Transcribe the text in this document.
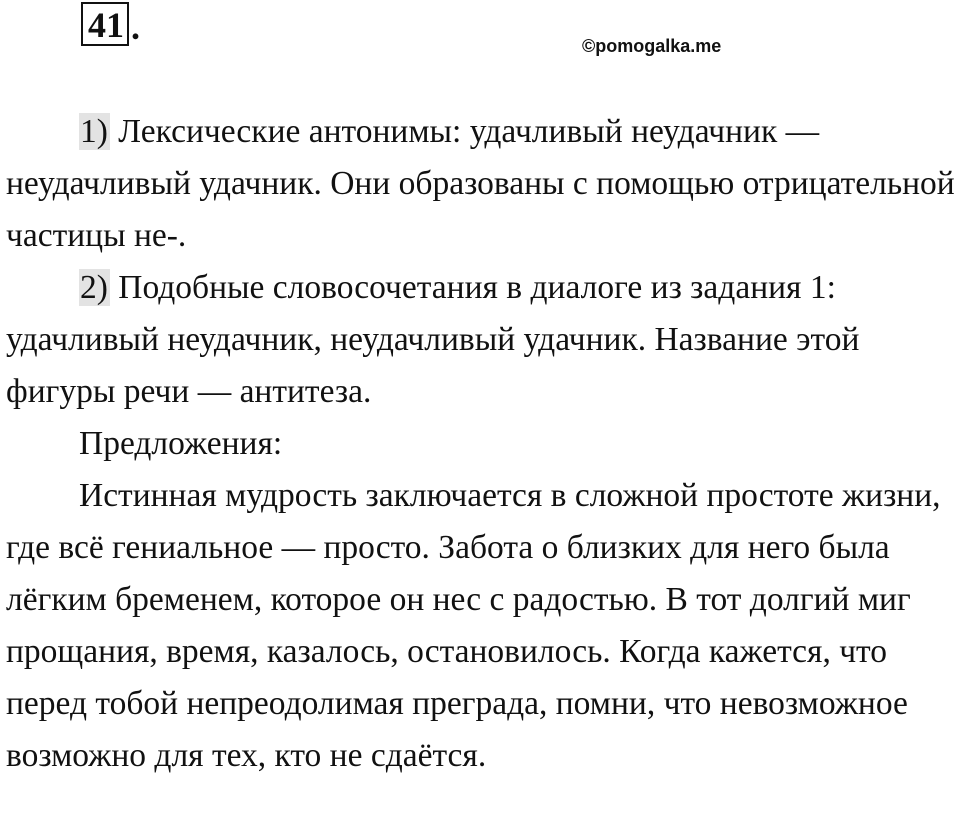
41 .	©pomogalka.me

1) Лексические антонимы: удачливый неудачник — неудачливый удачник. Они образованы с помощью отрицательной частицы не-.

2) Подобные словосочетания в диалоге из задания 1: удачливый неудачник, неудачливый удачник. Название этой фигуры речи — антитеза.

Предложения:

Истинная мудрость заключается в сложной простоте жизни, где всё гениальное — просто. Забота о близких для него была лёгким бременем, которое он нес с радостью. В тот долгий миг прощания, время, казалось, остановилось. Когда кажется, что перед тобой непреодолимая преграда, помни, что невозможное возможно для тех, кто не сдаётся.
